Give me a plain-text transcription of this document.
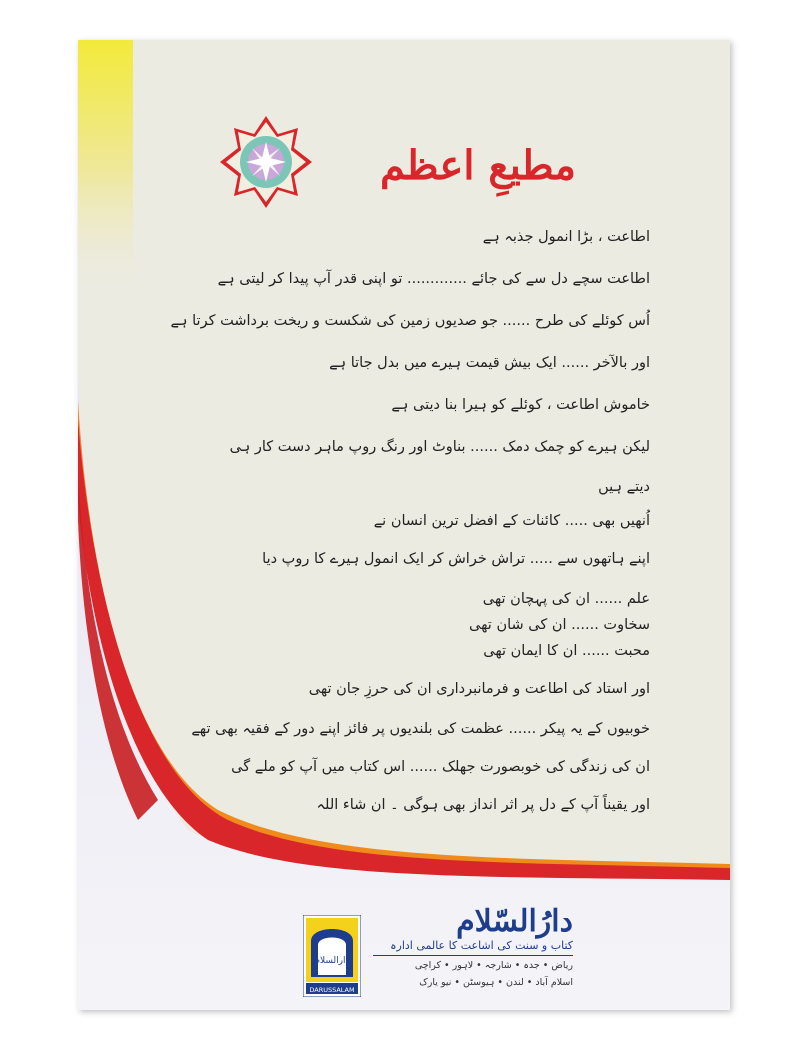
مطیعِ اعظم
اطاعت ، بڑا انمول جذبہ ہے
اطاعت سچے دل سے کی جائے ............. تو اپنی قدر آپ پیدا کر لیتی ہے
اُس کوئلے کی طرح ...... جو صدیوں زمین کی شکست و ریخت برداشت کرتا ہے
اور بالآخر ...... ایک بیش قیمت ہیرے میں بدل جاتا ہے
خاموش اطاعت ، کوئلے کو ہیرا بنا دیتی ہے
لیکن ہیرے کو چمک دمک ...... بناوٹ اور رنگ روپ ماہر دست کار ہی
دیتے ہیں
اُنھیں بھی ..... کائنات کے افضل ترین انسان نے
اپنے ہاتھوں سے ..... تراش خراش کر ایک انمول ہیرے کا روپ دیا
علم ...... ان کی پہچان تھی
سخاوت ...... ان کی شان تھی
محبت ...... ان کا ایمان تھی
اور استاد کی اطاعت و فرمانبرداری ان کی حرزِ جان تھی
خوبیوں کے یہ پیکر ...... عظمت کی بلندیوں پر فائز اپنے دور کے فقیہ بھی تھے
ان کی زندگی کی خوبصورت جھلک ...... اس کتاب میں آپ کو ملے گی
اور یقیناً آپ کے دل پر اثر انداز بھی ہوگی ۔ ان شاء اللہ
دارالسلام
DARUSSALAM
دارُالسّلام
کتاب و سنت کی اشاعت کا عالمی ادارہ
ریاض • جدہ • شارجہ • لاہور • کراچی
اسلام آباد • لندن • ہیوسٹن • نیو یارک
